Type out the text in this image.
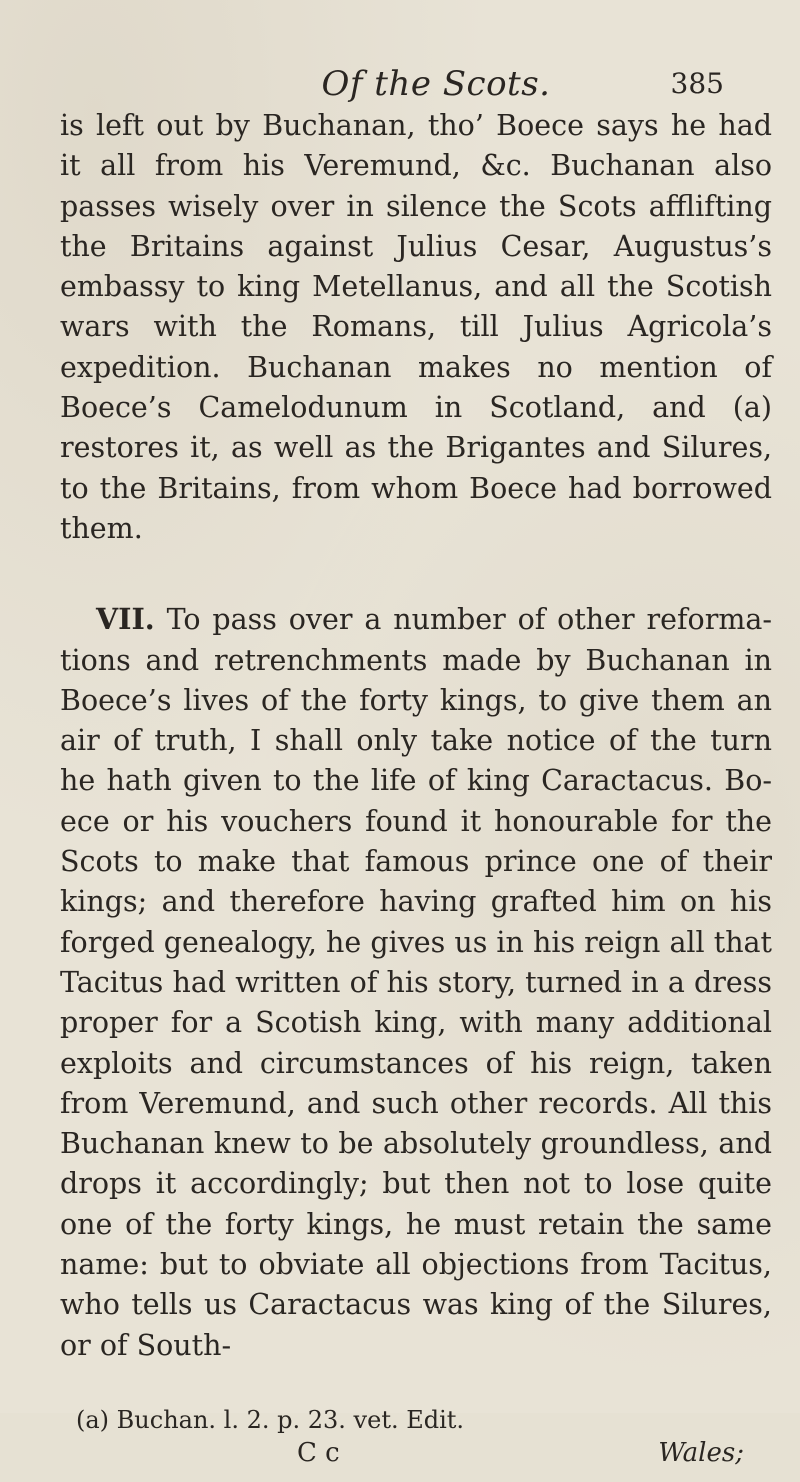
Of the Scots.	385

is left out by Buchanan, tho’ Boece says he had it all from his Veremund, &c. Buchanan also passes wisely over in silence the Scots afflifting the Britains against Julius Cesar, Augustus’s embassy to king Metellanus, and all the Scotish wars with the Romans, till Julius Agricola’s expedition. Buchanan makes no mention of Boece’s Camelodunum in Scotland, and (a) restores it, as well as the Brigantes and Silures, to the Britains, from whom Boece had borrowed them.

VII. To pass over a number of other reformations and retrenchments made by Buchanan in Boece’s lives of the forty kings, to give them an air of truth, I shall only take notice of the turn he hath given to the life of king Caractacus. Boece or his vouchers found it honourable for the Scots to make that famous prince one of their kings; and therefore having grafted him on his forged genealogy, he gives us in his reign all that Tacitus had written of his story, turned in a dress proper for a Scotish king, with many additional exploits and circumstances of his reign, taken from Veremund, and such other records. All this Buchanan knew to be absolutely groundless, and drops it accordingly; but then not to lose quite one of the forty kings, he must retain the same name: but to obviate all objections from Tacitus, who tells us Caractacus was king of the Silures, or of South-

(a) Buchan. l. 2. p. 23. vet. Edit.
C c	Wales;
